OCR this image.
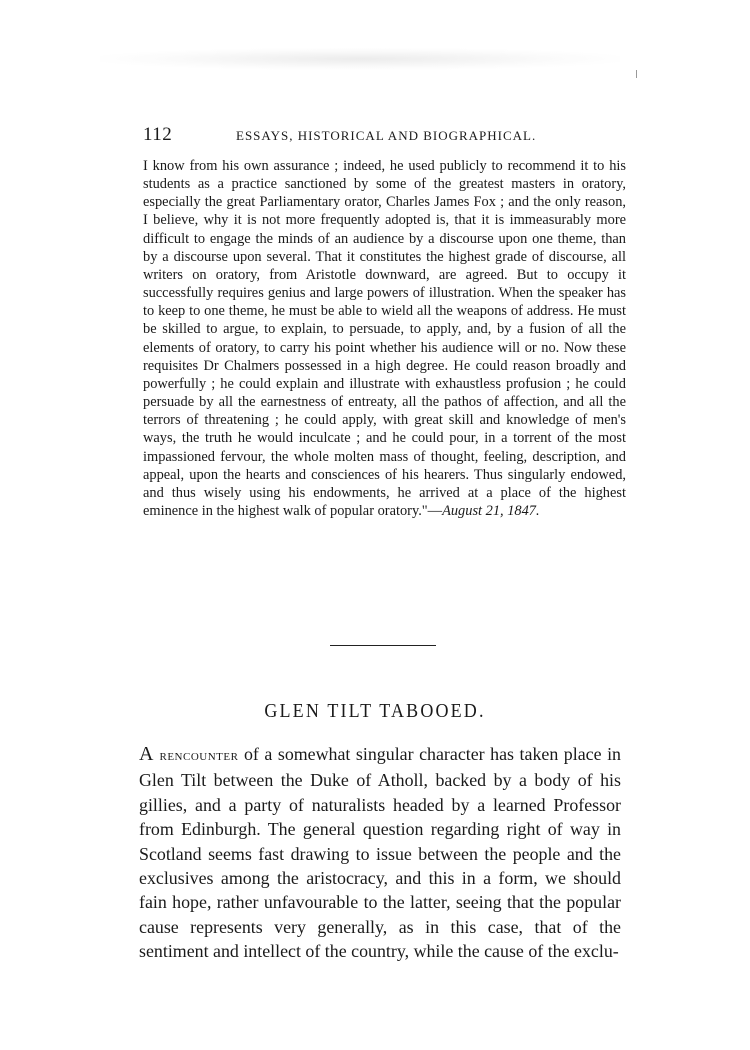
112	ESSAYS, HISTORICAL AND BIOGRAPHICAL.

I know from his own assurance ; indeed, he used publicly to recommend it to his students as a practice sanctioned by some of the greatest masters in oratory, especially the great Parliamentary orator, Charles James Fox ; and the only reason, I believe, why it is not more frequently adopted is, that it is immeasurably more difficult to engage the minds of an audience by a discourse upon one theme, than by a discourse upon several. That it constitutes the highest grade of discourse, all writers on oratory, from Aristotle downward, are agreed. But to occupy it successfully requires genius and large powers of illustration. When the speaker has to keep to one theme, he must be able to wield all the weapons of address. He must be skilled to argue, to explain, to persuade, to apply, and, by a fusion of all the elements of oratory, to carry his point whether his audience will or no. Now these requisites Dr Chalmers possessed in a high degree. He could reason broadly and powerfully ; he could explain and illustrate with exhaustless profusion ; he could persuade by all the earnestness of entreaty, all the pathos of affection, and all the terrors of threatening ; he could apply, with great skill and knowledge of men's ways, the truth he would inculcate ; and he could pour, in a torrent of the most impassioned fervour, the whole molten mass of thought, feeling, description, and appeal, upon the hearts and consciences of his hearers. Thus singularly endowed, and thus wisely using his endowments, he arrived at a place of the highest eminence in the highest walk of popular oratory."—August 21, 1847.

GLEN TILT TABOOED.

A rencounter of a somewhat singular character has taken place in Glen Tilt between the Duke of Atholl, backed by a body of his gillies, and a party of naturalists headed by a learned Professor from Edinburgh. The general question regarding right of way in Scotland seems fast drawing to issue between the people and the exclusives among the aristocracy, and this in a form, we should fain hope, rather unfavourable to the latter, seeing that the popular cause represents very generally, as in this case, that of the sentiment and intellect of the country, while the cause of the exclu-
